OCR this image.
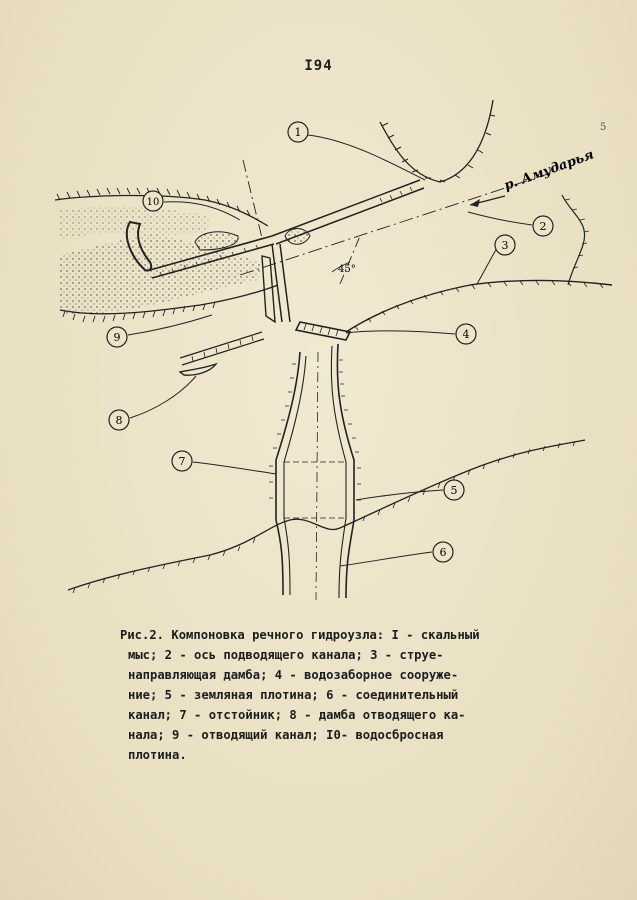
I94
5
р. Амударья
45°
1
2
3
4
5
6
7
8
9
10
Рис.2. Компоновка речного гидроузла: I - скальный
мыс; 2 - ось подводящего канала; 3 - струе-
направляющая дамба; 4 - водозаборное сооруже-
ние; 5 - земляная плотина; 6 - соединительный
канал; 7 - отстойник; 8 - дамба отводящего ка-
нала; 9 - отводящий канал; I0- водосбросная
плотина.
